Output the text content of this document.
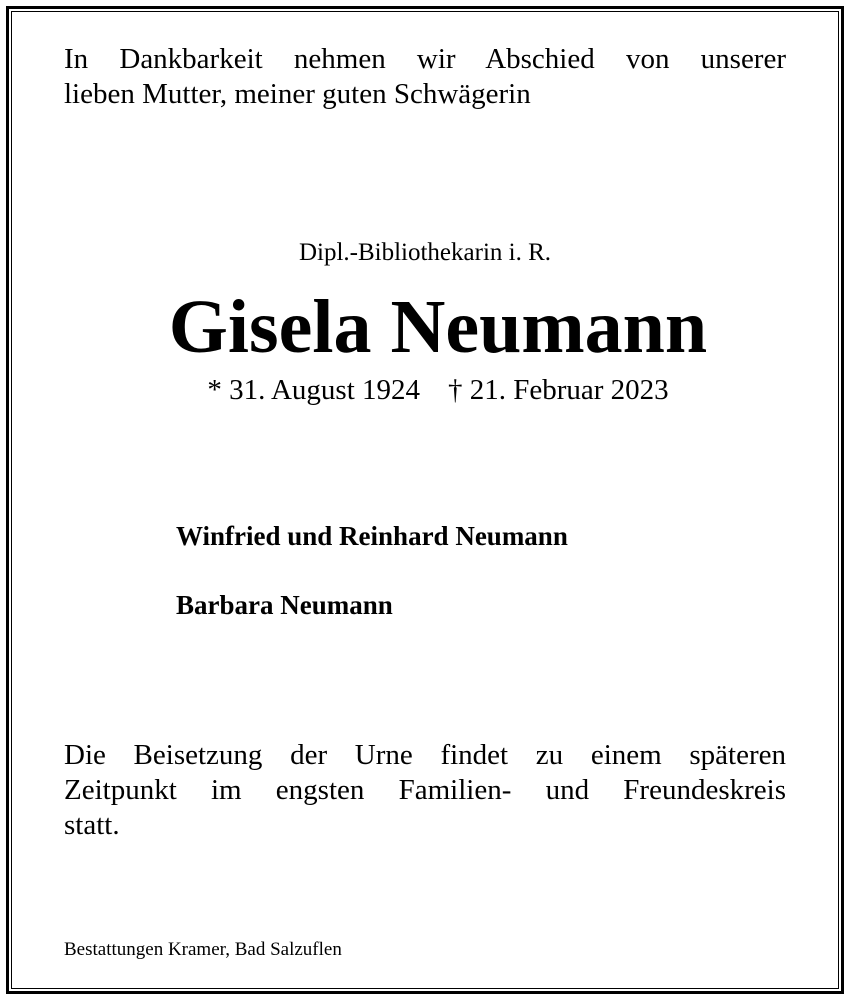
In Dankbarkeit nehmen wir Abschied von unserer
lieben Mutter, meiner guten Schwägerin

Dipl.-Bibliothekarin i. R.

Gisela Neumann

* 31. August 1924 † 21. Februar 2023

Winfried und Reinhard Neumann

Barbara Neumann

Die Beisetzung der Urne findet zu einem späteren
Zeitpunkt im engsten Familien- und Freundeskreis
statt.

Bestattungen Kramer, Bad Salzuflen
